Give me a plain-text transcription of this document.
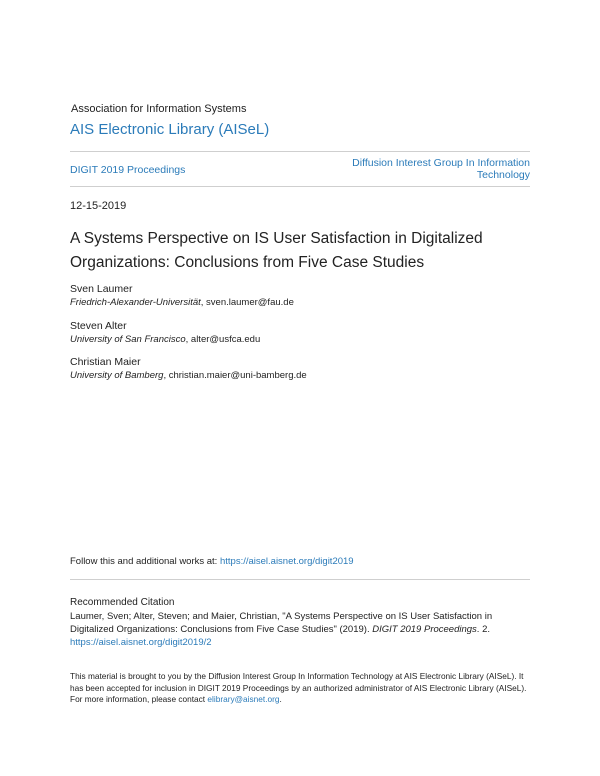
Association for Information Systems
AIS Electronic Library (AISeL)
DIGIT 2019 Proceedings
Diffusion Interest Group In Information Technology
12-15-2019
A Systems Perspective on IS User Satisfaction in Digitalized Organizations: Conclusions from Five Case Studies
Sven Laumer
Friedrich-Alexander-Universität, sven.laumer@fau.de
Steven Alter
University of San Francisco, alter@usfca.edu
Christian Maier
University of Bamberg, christian.maier@uni-bamberg.de
Follow this and additional works at: https://aisel.aisnet.org/digit2019
Recommended Citation
Laumer, Sven; Alter, Steven; and Maier, Christian, "A Systems Perspective on IS User Satisfaction in Digitalized Organizations: Conclusions from Five Case Studies" (2019). DIGIT 2019 Proceedings. 2.
https://aisel.aisnet.org/digit2019/2
This material is brought to you by the Diffusion Interest Group In Information Technology at AIS Electronic Library (AISeL). It has been accepted for inclusion in DIGIT 2019 Proceedings by an authorized administrator of AIS Electronic Library (AISeL). For more information, please contact elibrary@aisnet.org.
